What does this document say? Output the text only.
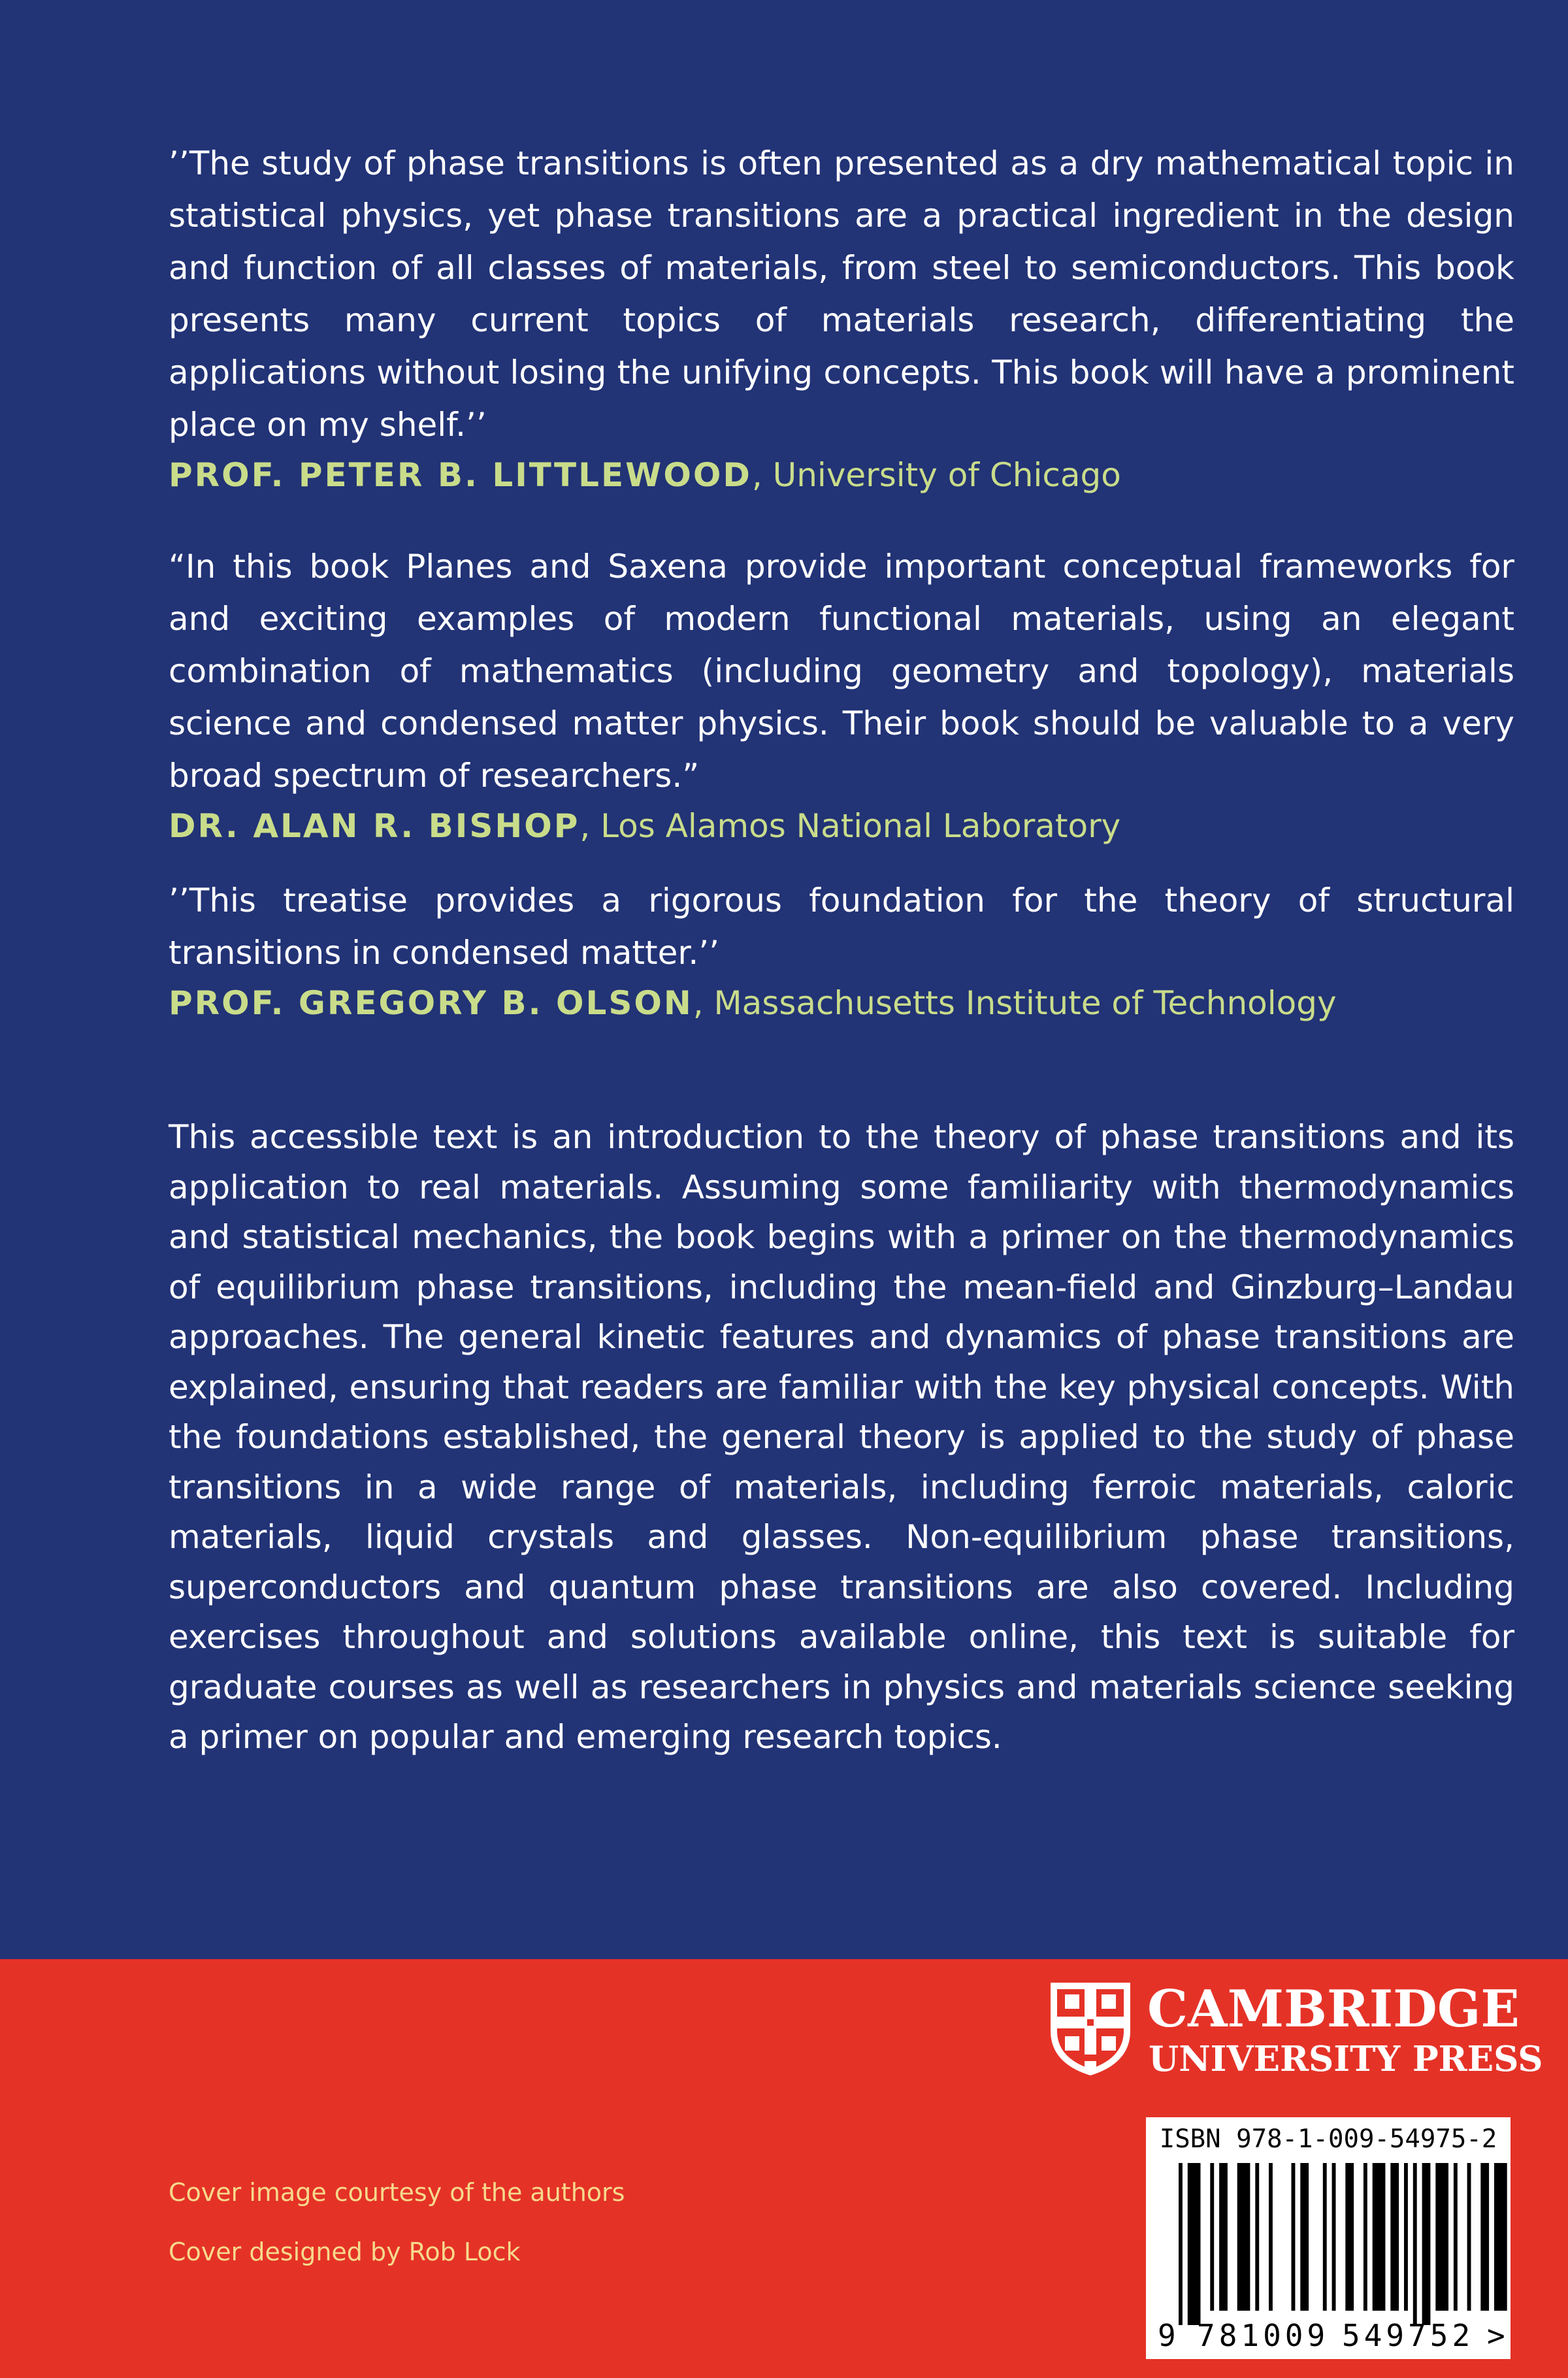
’’The study of phase transitions is often presented as a dry mathematical topic in statistical physics, yet phase transitions are a practical ingredient in the design and function of all classes of materials, from steel to semiconductors. This book presents many current topics of materials research, differentiating the applications without losing the unifying concepts. This book will have a prominent place on my shelf.’’

PROF. PETER B. LITTLEWOOD, University of Chicago

“In this book Planes and Saxena provide important conceptual frameworks for and exciting examples of modern functional materials, using an elegant combination of mathematics (including geometry and topology), materials science and condensed matter physics. Their book should be valuable to a very broad spectrum of researchers.”

DR. ALAN R. BISHOP, Los Alamos National Laboratory

’’This treatise provides a rigorous foundation for the theory of structural transitions in condensed matter.’’

PROF. GREGORY B. OLSON, Massachusetts Institute of Technology

This accessible text is an introduction to the theory of phase transitions and its application to real materials. Assuming some familiarity with thermodynamics and statistical mechanics, the book begins with a primer on the thermodynamics of equilibrium phase transitions, including the mean-field and Ginzburg–Landau approaches. The general kinetic features and dynamics of phase transitions are explained, ensuring that readers are familiar with the key physical concepts. With the foundations established, the general theory is applied to the study of phase transitions in a wide range of materials, including ferroic materials, caloric materials, liquid crystals and glasses. Non-equilibrium phase transitions, superconductors and quantum phase transitions are also covered. Including exercises throughout and solutions available online, this text is suitable for graduate courses as well as researchers in physics and materials science seeking a primer on popular and emerging research topics.

CAMBRIDGE
UNIVERSITY PRESS
Cover image courtesy of the authors
Cover designed by Rob Lock
ISBN 978-1-009-54975-2
9 781009 549752 >
